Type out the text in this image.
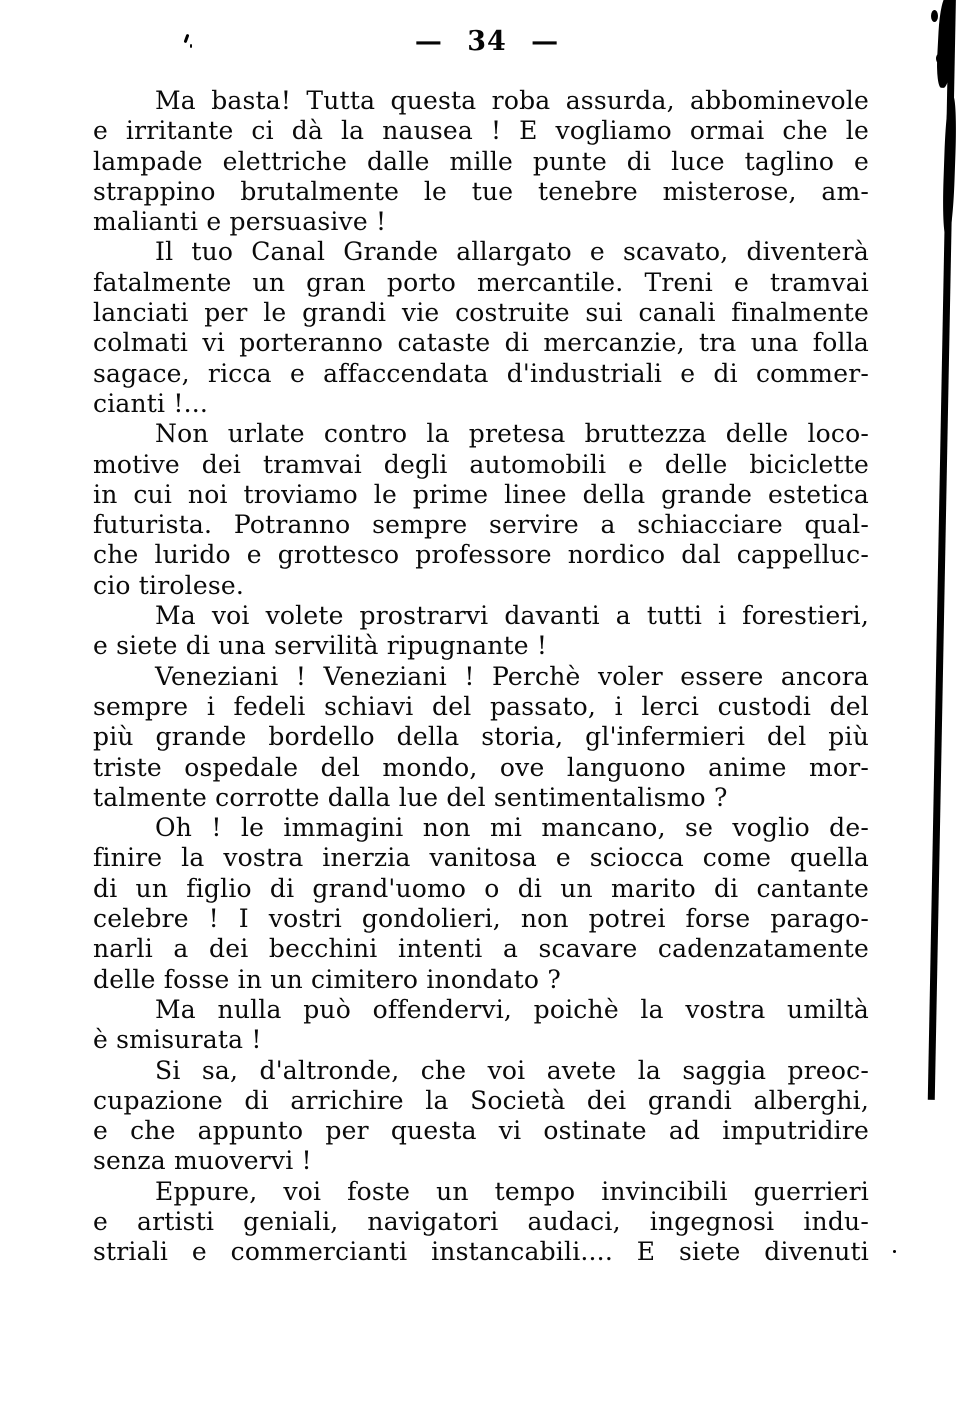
— 34 —
Ma basta! Tutta questa roba assurda, abbominevole
e irritante ci dà la nausea ! E vogliamo ormai che le
lampade elettriche dalle mille punte di luce taglino e
strappino brutalmente le tue tenebre misterose, am-
malianti e persuasive !
Il tuo Canal Grande allargato e scavato, diventerà
fatalmente un gran porto mercantile. Treni e tramvai
lanciati per le grandi vie costruite sui canali finalmente
colmati vi porteranno cataste di mercanzie, tra una folla
sagace, ricca e affaccendata d'industriali e di commer-
cianti !...
Non urlate contro la pretesa bruttezza delle loco-
motive dei tramvai degli automobili e delle biciclette
in cui noi troviamo le prime linee della grande estetica
futurista. Potranno sempre servire a schiacciare qual-
che lurido e grottesco professore nordico dal cappelluc-
cio tirolese.
Ma voi volete prostrarvi davanti a tutti i forestieri,
e siete di una servilità ripugnante !
Veneziani ! Veneziani ! Perchè voler essere ancora
sempre i fedeli schiavi del passato, i lerci custodi del
più grande bordello della storia, gl'infermieri del più
triste ospedale del mondo, ove languono anime mor-
talmente corrotte dalla lue del sentimentalismo ?
Oh ! le immagini non mi mancano, se voglio de-
finire la vostra inerzia vanitosa e sciocca come quella
di un figlio di grand'uomo o di un marito di cantante
celebre ! I vostri gondolieri, non potrei forse parago-
narli a dei becchini intenti a scavare cadenzatamente
delle fosse in un cimitero inondato ?
Ma nulla può offendervi, poichè la vostra umiltà
è smisurata !
Si sa, d'altronde, che voi avete la saggia preoc-
cupazione di arrichire la Società dei grandi alberghi,
e che appunto per questa vi ostinate ad imputridire
senza muovervi !
Eppure, voi foste un tempo invincibili guerrieri
e artisti geniali, navigatori audaci, ingegnosi indu-
striali e commercianti instancabili.... E siete divenuti
